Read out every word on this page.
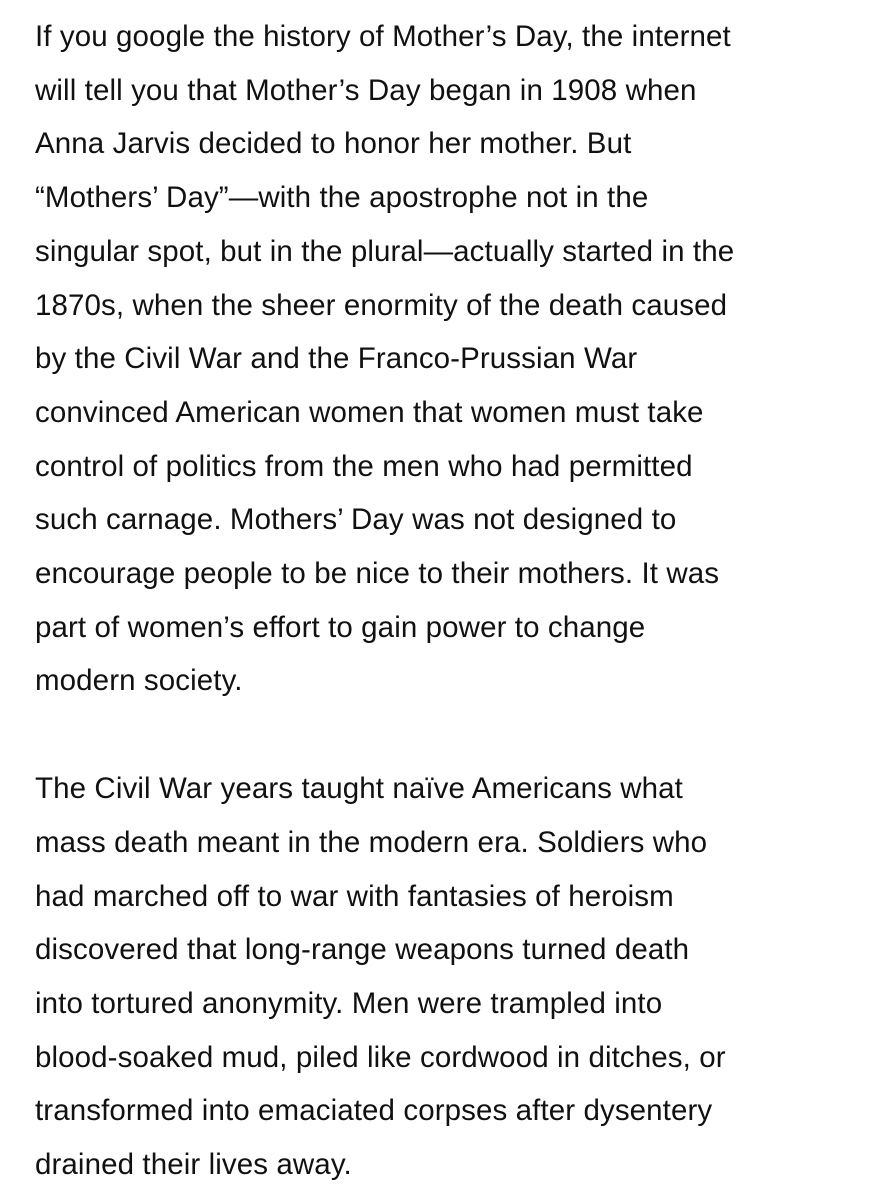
If you google the history of Mother’s Day, the internet
will tell you that Mother’s Day began in 1908 when
Anna Jarvis decided to honor her mother. But
“Mothers’ Day”—with the apostrophe not in the
singular spot, but in the plural—actually started in the
1870s, when the sheer enormity of the death caused
by the Civil War and the Franco-Prussian War
convinced American women that women must take
control of politics from the men who had permitted
such carnage. Mothers’ Day was not designed to
encourage people to be nice to their mothers. It was
part of women’s effort to gain power to change
modern society.

The Civil War years taught naïve Americans what
mass death meant in the modern era. Soldiers who
had marched off to war with fantasies of heroism
discovered that long-range weapons turned death
into tortured anonymity. Men were trampled into
blood-soaked mud, piled like cordwood in ditches, or
transformed into emaciated corpses after dysentery
drained their lives away.
